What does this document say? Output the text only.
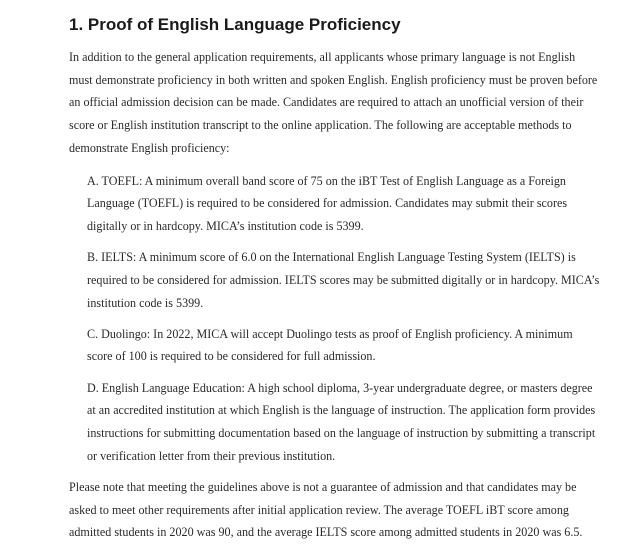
1. Proof of English Language Proficiency

In addition to the general application requirements, all applicants whose primary language is not English must demonstrate proficiency in both written and spoken English. English proficiency must be proven before an official admission decision can be made. Candidates are required to attach an unofficial version of their score or English institution transcript to the online application. The following are acceptable methods to demonstrate English proficiency:

A. TOEFL: A minimum overall band score of 75 on the iBT Test of English Language as a Foreign Language (TOEFL) is required to be considered for admission. Candidates may submit their scores digitally or in hardcopy. MICA’s institution code is 5399.

B. IELTS: A minimum score of 6.0 on the International English Language Testing System (IELTS) is required to be considered for admission. IELTS scores may be submitted digitally or in hardcopy. MICA’s institution code is 5399.

C. Duolingo: In 2022, MICA will accept Duolingo tests as proof of English proficiency. A minimum score of 100 is required to be considered for full admission.

D. English Language Education: A high school diploma, 3-year undergraduate degree, or masters degree at an accredited institution at which English is the language of instruction. The application form provides instructions for submitting documentation based on the language of instruction by submitting a transcript or verification letter from their previous institution.

Please note that meeting the guidelines above is not a guarantee of admission and that candidates may be asked to meet other requirements after initial application review. The average TOEFL iBT score among admitted students in 2020 was 90, and the average IELTS score among admitted students in 2020 was 6.5.
